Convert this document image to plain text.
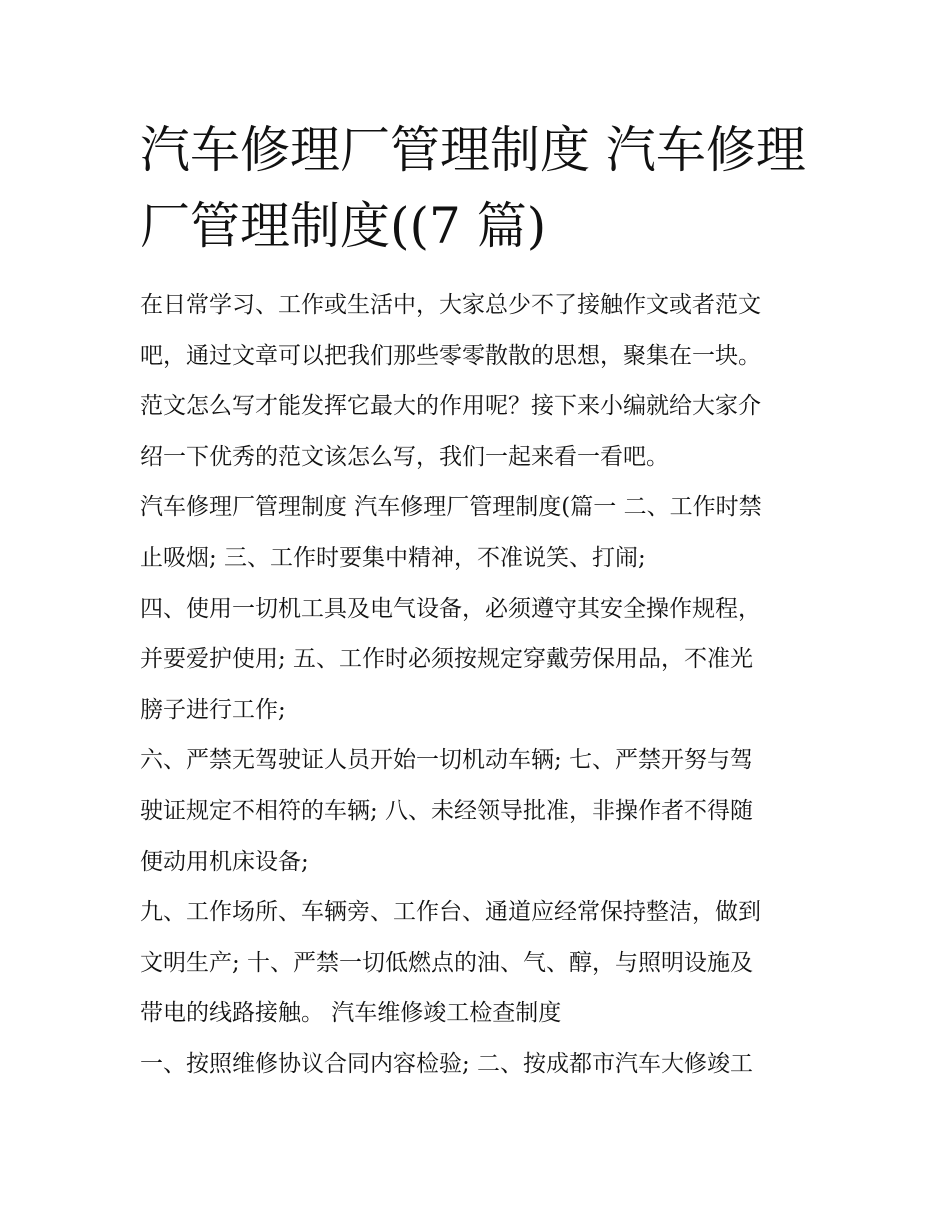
汽车修理厂管理制度 汽车修理
厂管理制度((7 篇)
在日常学习、工作或生活中，大家总少不了接触作文或者范文
吧，通过文章可以把我们那些零零散散的思想，聚集在一块。
范文怎么写才能发挥它最大的作用呢？接下来小编就给大家介
绍一下优秀的范文该怎么写，我们一起来看一看吧。
汽车修理厂管理制度 汽车修理厂管理制度(篇一 二、工作时禁
止吸烟; 三、工作时要集中精神，不准说笑、打闹;
四、使用一切机工具及电气设备，必须遵守其安全操作规程，
并要爱护使用; 五、工作时必须按规定穿戴劳保用品，不准光
膀子进行工作;
六、严禁无驾驶证人员开始一切机动车辆; 七、严禁开努与驾
驶证规定不相符的车辆; 八、未经领导批准，非操作者不得随
便动用机床设备;
九、工作场所、车辆旁、工作台、通道应经常保持整洁，做到
文明生产; 十、严禁一切低燃点的油、气、醇，与照明设施及
带电的线路接触。 汽车维修竣工检查制度
一、按照维修协议合同内容检验; 二、按成都市汽车大修竣工
